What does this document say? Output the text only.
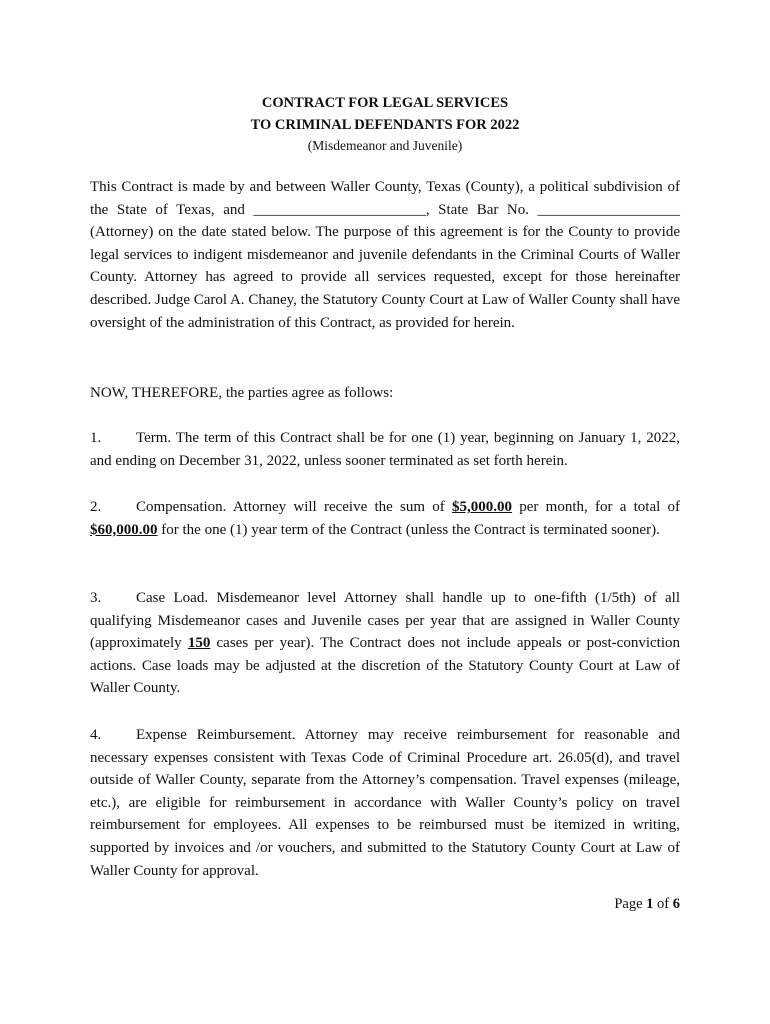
CONTRACT FOR LEGAL SERVICES
TO CRIMINAL DEFENDANTS FOR 2022
(Misdemeanor and Juvenile)
This Contract is made by and between Waller County, Texas (County), a political subdivision of the State of Texas, and _______________________, State Bar No. ___________________ (Attorney) on the date stated below. The purpose of this agreement is for the County to provide legal services to indigent misdemeanor and juvenile defendants in the Criminal Courts of Waller County. Attorney has agreed to provide all services requested, except for those hereinafter described. Judge Carol A. Chaney, the Statutory County Court at Law of Waller County shall have oversight of the administration of this Contract, as provided for herein.
NOW, THEREFORE, the parties agree as follows:
1. Term. The term of this Contract shall be for one (1) year, beginning on January 1, 2022, and ending on December 31, 2022, unless sooner terminated as set forth herein.
2. Compensation. Attorney will receive the sum of $5,000.00 per month, for a total of $60,000.00 for the one (1) year term of the Contract (unless the Contract is terminated sooner).
3. Case Load. Misdemeanor level Attorney shall handle up to one-fifth (1/5th) of all qualifying Misdemeanor cases and Juvenile cases per year that are assigned in Waller County (approximately 150 cases per year). The Contract does not include appeals or post-conviction actions. Case loads may be adjusted at the discretion of the Statutory County Court at Law of Waller County.
4. Expense Reimbursement. Attorney may receive reimbursement for reasonable and necessary expenses consistent with Texas Code of Criminal Procedure art. 26.05(d), and travel outside of Waller County, separate from the Attorney’s compensation. Travel expenses (mileage, etc.), are eligible for reimbursement in accordance with Waller County’s policy on travel reimbursement for employees. All expenses to be reimbursed must be itemized in writing, supported by invoices and /or vouchers, and submitted to the Statutory County Court at Law of Waller County for approval.
Page 1 of 6
